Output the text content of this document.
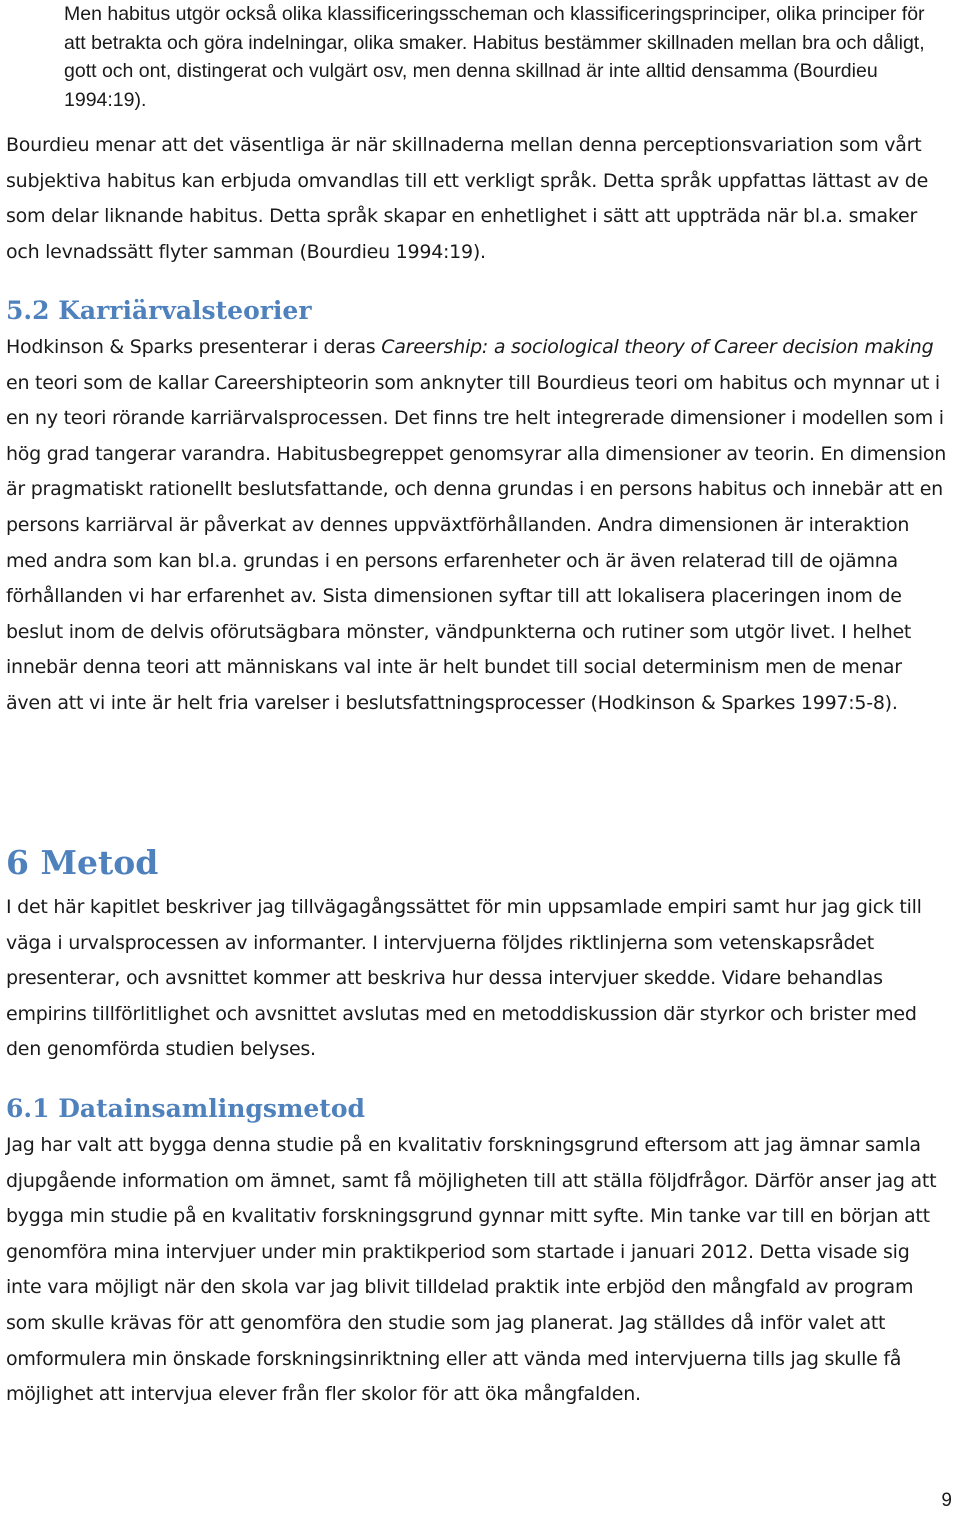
Men habitus utgör också olika klassificeringsscheman och klassificeringsprinciper, olika principer för att betrakta och göra indelningar, olika smaker. Habitus bestämmer skillnaden mellan bra och dåligt, gott och ont, distingerat och vulgärt osv, men denna skillnad är inte alltid densamma (Bourdieu 1994:19).

Bourdieu menar att det väsentliga är när skillnaderna mellan denna perceptionsvariation som vårt subjektiva habitus kan erbjuda omvandlas till ett verkligt språk. Detta språk uppfattas lättast av de som delar liknande habitus. Detta språk skapar en enhetlighet i sätt att uppträda när bl.a. smaker och levnadssätt flyter samman (Bourdieu 1994:19).

5.2 Karriärvalsteorier

Hodkinson & Sparks presenterar i deras Careership: a sociological theory of Career decision making en teori som de kallar Careershipteorin som anknyter till Bourdieus teori om habitus och mynnar ut i en ny teori rörande karriärvalsprocessen. Det finns tre helt integrerade dimensioner i modellen som i hög grad tangerar varandra. Habitusbegreppet genomsyrar alla dimensioner av teorin. En dimension är pragmatiskt rationellt beslutsfattande, och denna grundas i en persons habitus och innebär att en persons karriärval är påverkat av dennes uppväxtförhållanden. Andra dimensionen är interaktion med andra som kan bl.a. grundas i en persons erfarenheter och är även relaterad till de ojämna förhållanden vi har erfarenhet av. Sista dimensionen syftar till att lokalisera placeringen inom de beslut inom de delvis oförutsägbara mönster, vändpunkterna och rutiner som utgör livet. I helhet innebär denna teori att människans val inte är helt bundet till social determinism men de menar även att vi inte är helt fria varelser i beslutsfattningsprocesser (Hodkinson & Sparkes 1997:5-8).

6 Metod

I det här kapitlet beskriver jag tillvägagångssättet för min uppsamlade empiri samt hur jag gick till väga i urvalsprocessen av informanter. I intervjuerna följdes riktlinjerna som vetenskapsrådet presenterar, och avsnittet kommer att beskriva hur dessa intervjuer skedde. Vidare behandlas empirins tillförlitlighet och avsnittet avslutas med en metoddiskussion där styrkor och brister med den genomförda studien belyses.

6.1 Datainsamlingsmetod

Jag har valt att bygga denna studie på en kvalitativ forskningsgrund eftersom att jag ämnar samla djupgående information om ämnet, samt få möjligheten till att ställa följdfrågor. Därför anser jag att bygga min studie på en kvalitativ forskningsgrund gynnar mitt syfte. Min tanke var till en början att genomföra mina intervjuer under min praktikperiod som startade i januari 2012. Detta visade sig inte vara möjligt när den skola var jag blivit tilldelad praktik inte erbjöd den mångfald av program som skulle krävas för att genomföra den studie som jag planerat. Jag ställdes då inför valet att omformulera min önskade forskningsinriktning eller att vända med intervjuerna tills jag skulle få möjlighet att intervjua elever från fler skolor för att öka mångfalden.

9
